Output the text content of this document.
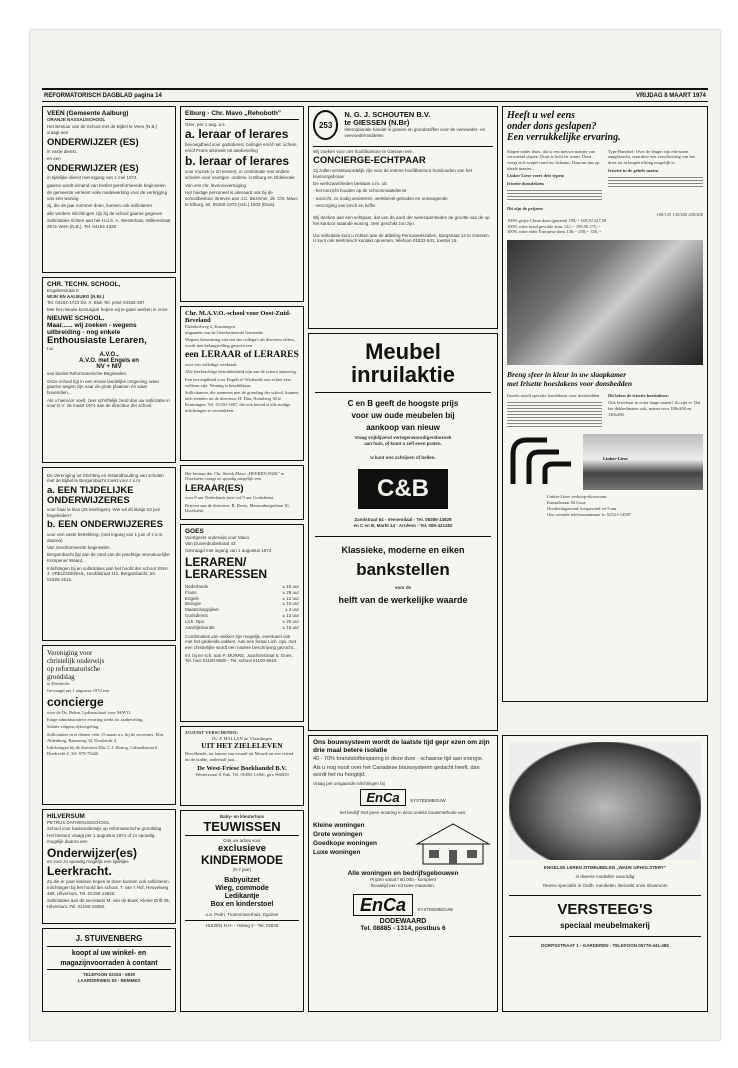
REFORMATORISCH DAGBLAD pagina 14	VRIJDAG 8 MAART 1974
VEEN (Gemeente Aalburg)
ORANJE NASSAUSCHOOL

Het Bestuur van de School met de Bijbel te Veen (N.B.) vraagt een

ONDERWIJZER (ES)

in vaste dienst,

en een

ONDERWIJZER (ES)

in tijdelijke dienst met ingang van 1 mei 1974.

gaarne wordt iemand van beslist gereformeerde beginselen

de gemeente verleent volle medewerking voor de verkrijging van een woning

zij, die de jaar nummer doen, kunnen ook solliciteren

alle verdere inlichtingen zijn bij de school gaarne gegeven

Sollicitaties richten aan het H.d.S. A. Westerbuis, Willemstraat 28 te Veen (N.B.). Tel. 04164-1330

CHR. TECHN. SCHOOL,
Engelenstraat 6
WIJK EN AALBURG (N.Br.)
Tel. 04164-1723 Dir. A. Blok Tel. privé 04165-397

Met het nieuwe kursusjaar hopen wij te gaan werken in onze

NIEUWE SCHOOL.
Maar...... wij zoeken - wegens uitbreiding - nog enkele
Enthousiaste Leraren,
t.w.
A.V.O.,
A.V.O. met Engels en
NV + NIV

van beslist Reformatorische Beginselen.

Onze school ligt in een mooie landelijke omgeving, waar gaarne wegen zijn naar de grote plaatsen en waar bovendien...

Als u hiervoor voelt, zeer schriftelijk zend dan uw sollicitatie in voor D.V. 26 maart 1974 aan de directeur der school.

De Vereniging tot Stichting en Instandhouding van scholen met de Bijbel te Bergambacht zoekt voor z.s.m.

a. EEN TIJDELIJKE ONDERWIJZERES

voor haar le klas (26 leerlingen). Wie wil dit klasje tot juni begeleiden?

b. EEN ONDERWIJZERES

voor een vaste betrekking, (met ingang van 1 juni of z.s.m. daarna)

Van Gereformeerde beginselen.

Bergambacht ligt aan de rand van de prachtige vennatuurlijke Krimpener Waard...

Inlichtingen bij en sollicitaties aan het hoofd der school: ENH. J. VREUGDENHIL, Hoofdstraat 111, Bergambacht, tel. 01828-1512.

Vereniging voor
christelijk onderwijs
op reformatorische
grondslag
te Dordrecht

Gevraagd per 1 augustus 1974 een

concierge

voor de Ds. Beltm. Lydianschool voor MAVO.

Enige administratieve ervaring strekt tot aanbeveling.

Salaris volgens rijksregeling.

Sollicitaties in te dienen vóór 15 maart a.s. bij de secretaris, Elm. Aldenburg, Raamweg 34, Dordrecht 4.

Inlichtingen bij de directeur Dhr. C.J. Hartog, Caliandstraat 6, Dordrecht 4. Tel. 078-70420

HILVERSUM
PETRUS DATHENUSSCHOOL
School voor basisonderwijs op reformatorische grondslag

Het bestuur vraagt per 1 augustus 1974 of zo spoedig mogelijk daarna een

Onderwijzer(es)
en voor zo spoedig mogelijk een tijdelijke
Leerkracht.

Zo die er paar klassen hopen te doen kunnen ook solliciteren. Inlichtingen bij het hoofd der school, T. van 't Hof, Heuvelweg 489, Hilversum. Tel. 02150-14620.

Sollicitaties aan de secretaris M. van de Boek, Kleine Drift 49, Hilversum. Tel. 02150-16082.

J. STUIVENBERG
koopt al uw winkel- en
magazijnvoorraden à contant
TELEFOON 02153 - 6930
LAARDERWEG 63 - BEMMES
Elburg - Chr. Mavo „Rehoboth”
Gevr. per 1 aug. a.s.
a. leraar of lerares

bevoegdheid voor godsdienst, biologie en/of nat. schiek, en/of Frans alsmede tot aanbeveling

b. leraar of lerares

voor muziek (± 20 lessen), in combinatie met andere scholen voor voortgez. onderw. in Elburg en Oldebroek

Van ons chr. levensovertuiging

Het huidige personeel is uiteraard ook bij de schoolbestuur. Brieven aan J.C. Bezemer, dir. Chr. Mavo te Elburg, tel. 05250-1373 (sch.) 1503 (thuis).

Chr. M.A.V.O.-school voor Oost-Zuid-Beveland
Elzenhofweg 2, Kruiningen
uitgaande van de Gereformeerde Gemeente

Wegens benoeming van een der collega's als directeur elders, wordt met belangstelling gezocht een

een LERAAR of LERARES

voor een volledige weektaak.

Alle leerkrachtige betrokkenheid zijn aan de school aanwezig.

Een bevoegdheid voor Engels of Wiskunde zou echter zeer welkom zijn. Woning is beschikbaar.

Sollicitanten, die aanmeen met de gronding der school, kunnen zich wenden tot de directeur, H. Dan, Nonnberg 30 te Kruiningen, Tel. 01130-1467, die ook bereid is alle nodige inlichtingen te verstrekken.

Het bestuur der Chr. Streek Mavo „HEEREN-DIJK” te IJsselstein vraagt zo spoedig mogelijk een

LERAAR(ES)

voor 8 uur Nederlands (niet wd 9 uur Godsdienst.

Brieven aan de directeur: B. Drees, Mensonbergerlaan 10, IJsselstein

GOES
Voortgezet onderwijs voor Mavo
Van Duivenbodestraat 43

Gevraagd met ingang van 1 augustus 1974

LERAREN/ LERARESSEN
Nederlands	± 10 uur
Frans	± 29 uur
Engels	± 12 uur
Biologie	± 10 uur
Maatschappijleer	± 4 uur
Godsdienst	± 12 uur
Lich. Opv.	± 20 uur
Aardrijkskunde	± 15 uur

Combinaties van vakken zijn mogelijk, eventueel ook met het gedeelde vakken. Aan een leraar Lich. opv. met een christelijke wordt een nadere beschrijving gezocht...

Inl. bij en sch. aan P. MURRE, Joachimstraat 5, Goes. Tel. huis 01100-6600 - Tel. school 01100-6618

ZOJUIST VERSCHENEN:
Ds. P. MALLAN uit Vlaardingen
UIT HET ZIELELEVEN

Bevolkende, tot lanoen van essaaif uit Meurdt en een vriend uit de kudde, anderhalf jaar...

De West-Friese Boekhandel B.V.
Westerstraat 8, Enk. Tel. 05380-13366, giro 966839
Baby- en kleuterhuis
TEUWISSEN
Ook uw adres voor
exclusieve
KINDERMODE
(0-7 jaar)
Babyuitzet
Wieg, commode
Ledikantje
Box en kinderstoel
o.a. Pedri, Troommsverhuis, Egoiner
HUIZEN N.H. - Hobeg 2 - Tel. 02836
253
N. G. J. SCHOUTEN B.V.
te GIESSEN (N.Br)
Internationale handel in granen en grondstoffen voor de veevoeder- en veevoedermiddelen

Wij zoeken voor ons hoofdkantoor te Giessen een

CONCIERGE-ECHTPAAR

Zij zullen verantwoordelijk zijn voor de interne hoofdkantoor huishouden van het kantoorgebouw

De werkzaamheden bestaan o.m. uit:

- het toezicht houden op de schoonmaakdienst

- toezicht, zo nodig assisteren, werkbevel geboden en ontvangende

- verzorging van lunch en koffie

Wij denken aan een echtpaar, dat van de aard der werkzaamheden de grootte van de op het kantoor staande woning, zeer geschikt zou zijn.

Uw sollicitatie kunt u richten aan de afdeling Personeelszaken, Burgstraat 12 te Giessen. U kunt ook telefonisch kontakt opnemen, telefoon 01832-541, toestel 15.

Meubel
inruilaktie
C en B geeft de hoogste prijs
voor uw oude meubelen bij
aankoop van nieuw
Vraag vrijblijvend vertegenwoordigersbezoek
aan huis, of komt u zelf even praten.
U kunt ons schrijven of bellen.
C&B
Zandstraat 64 - Veenendaal - Tel. 08385-14828
en C en B, Markt 14 - Arnhem - Tel. 085-421482
Klassieke, moderne en eiken
bankstellen
voor de
helft van de werkelijke waarde
Ons bouwsysteem wordt de laatste tijd gepr ezen om zijn drie maal betere isolatie

40 - 70% brandstofbesparing in deze dure - schaarse tijd aan energie.

Als u nog nooit over het Canadese bouwsysteem gedacht heeft, dan wordt het nu hoogtijd.

Vraag per omgaande inlichtingen bij

EnCa SYSTEEMBOUW

het bedrijf met jaren ervaring in deze unieke bouwmethode van:

Kleine woningen
Grote woningen
Goedkope woningen
Luxe woningen
Alle woningen en bedrijfsgebouwen
Prijzen vanaf f 60.000,- kompleet
Bouwtijd een tot twee maanden.
EnCa	SYSTEEMBOUW
DODEWAARD
Tel. 08885 - 1314, postbus 6
Heeft u wel eens
onder dons geslapen?
Een verrukkelijke ervaring.

Slapen onder dons: dat is een nieuwe manier van verwarmd slapen. Dons is licht en warm. Dons voegt zich soepel rond uw lichaam. Daarom dus op ideale manier...

Linker Liese voert drie typen:

Irisette donsdekens

Type Bundool: Over de lengte zijn eik-noten aangebracht, waardoor een verschuiving van het dons tot in lengterichting mogelijk is.

Irisette in de gehele maten

Dit zijn de prijzen:
100/135 135/200 200/200
100% grijze China dons (ganzen) 100,-- 169,50 227,50
100% witte koud gevulde dons 122,-- 199,50 275,--
100% witte eider Europese dons 140,-- 250,-- 350,--
Breng sfeer in kleur in uw slaapkamer
met Irisette hoeslakens voor donsbedden

Irisette noodt speciale hoeslakens voor donsbedden	Dit laken de irisette hoeslakens:

Ook leverbaar in extra lange maten? Zo zijn er. Dat het dekbedmaten ook, maten voor 100x200 en 140x200

Linker-Liese
Linker-Liese verkoop-showroom
Kanaalstraat 84 Lisse
Donderdagavond: koopavond tot 9 uur
Ons centrale telefoonnummer is: 02521-14587
ENGELSE LEREN ZITMEUBELEN „WADE UPHOLSTERY”
in diverse modellen voorradig
Tevens specialist in Oudh. meubelen. Bezoekt onze showroom
VERSTEEG'S
speciaal meubelmakerij
DORPSSTRAAT 1 - GARDEREN - TELEFOON 05776-441-485
